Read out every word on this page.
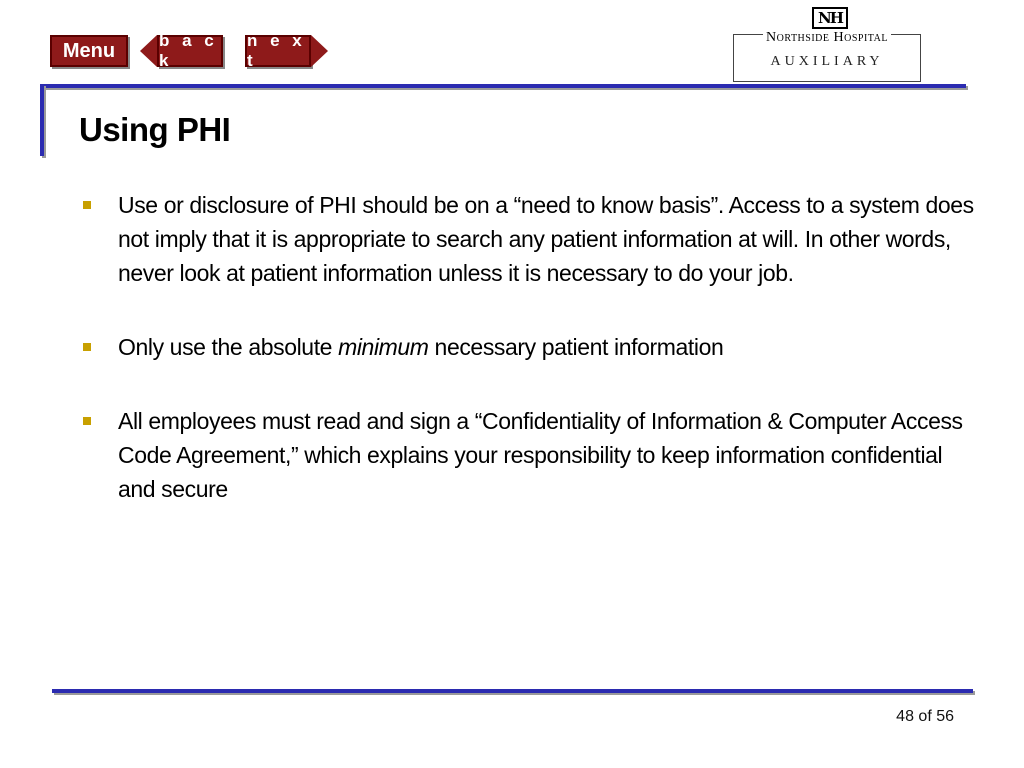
Menu	b a c k
n e x t
Northside Hospital
NH
AUXILIARY
Using PHI
Use or disclosure of PHI should be on a “need to know basis”. Access to a system does not imply that it is appropriate to search any patient information at will. In other words, never look at patient information unless it is necessary to do your job.
Only use the absolute minimum necessary patient information
All employees must read and sign a “Confidentiality of Information & Computer Access Code Agreement,” which explains your responsibility to keep information confidential and secure
48 of 56
